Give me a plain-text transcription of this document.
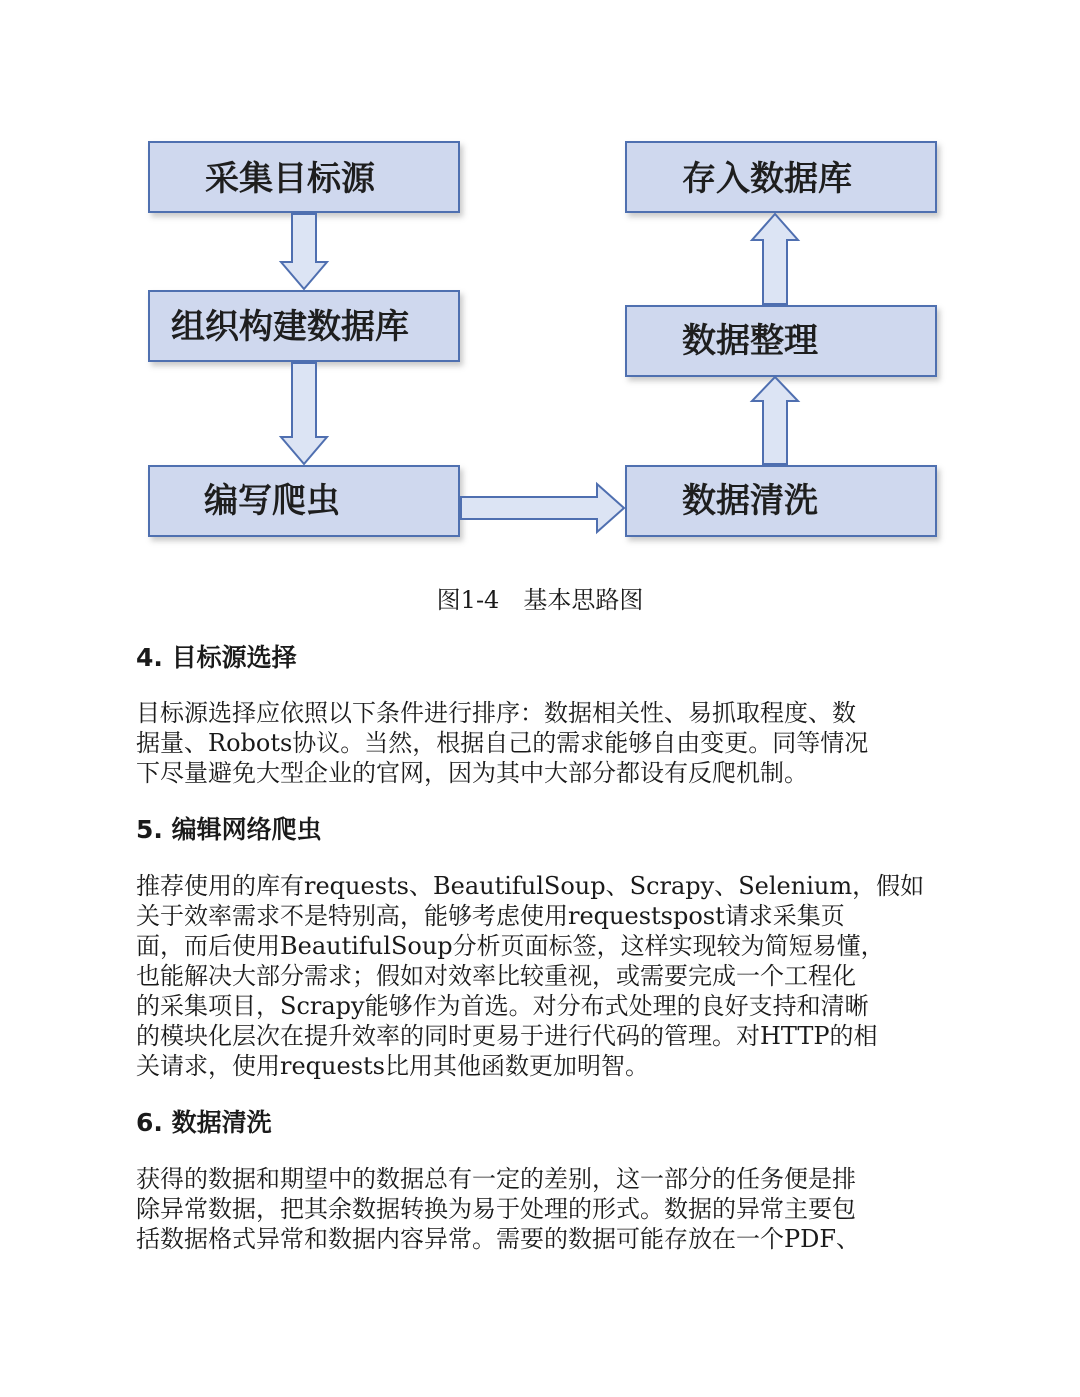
采集目标源
组织构建数据库
编写爬虫
存入数据库
数据整理
数据清洗
图1-4　基本思路图
4. 目标源选择

目标源选择应依照以下条件进行排序：数据相关性、易抓取程度、数
据量、Robots协议。当然，根据自己的需求能够自由变更。同等情况
下尽量避免大型企业的官网，因为其中大部分都设有反爬机制。

5. 编辑网络爬虫

推荐使用的库有requests、BeautifulSoup、Scrapy、Selenium，假如
关于效率需求不是特别高，能够考虑使用requestspost请求采集页
面，而后使用BeautifulSoup分析页面标签，这样实现较为简短易懂，
也能解决大部分需求；假如对效率比较重视，或需要完成一个工程化
的采集项目，Scrapy能够作为首选。对分布式处理的良好支持和清晰
的模块化层次在提升效率的同时更易于进行代码的管理。对HTTP的相
关请求，使用requests比用其他函数更加明智。

6. 数据清洗

获得的数据和期望中的数据总有一定的差别，这一部分的任务便是排
除异常数据，把其余数据转换为易于处理的形式。数据的异常主要包
括数据格式异常和数据内容异常。需要的数据可能存放在一个PDF、
